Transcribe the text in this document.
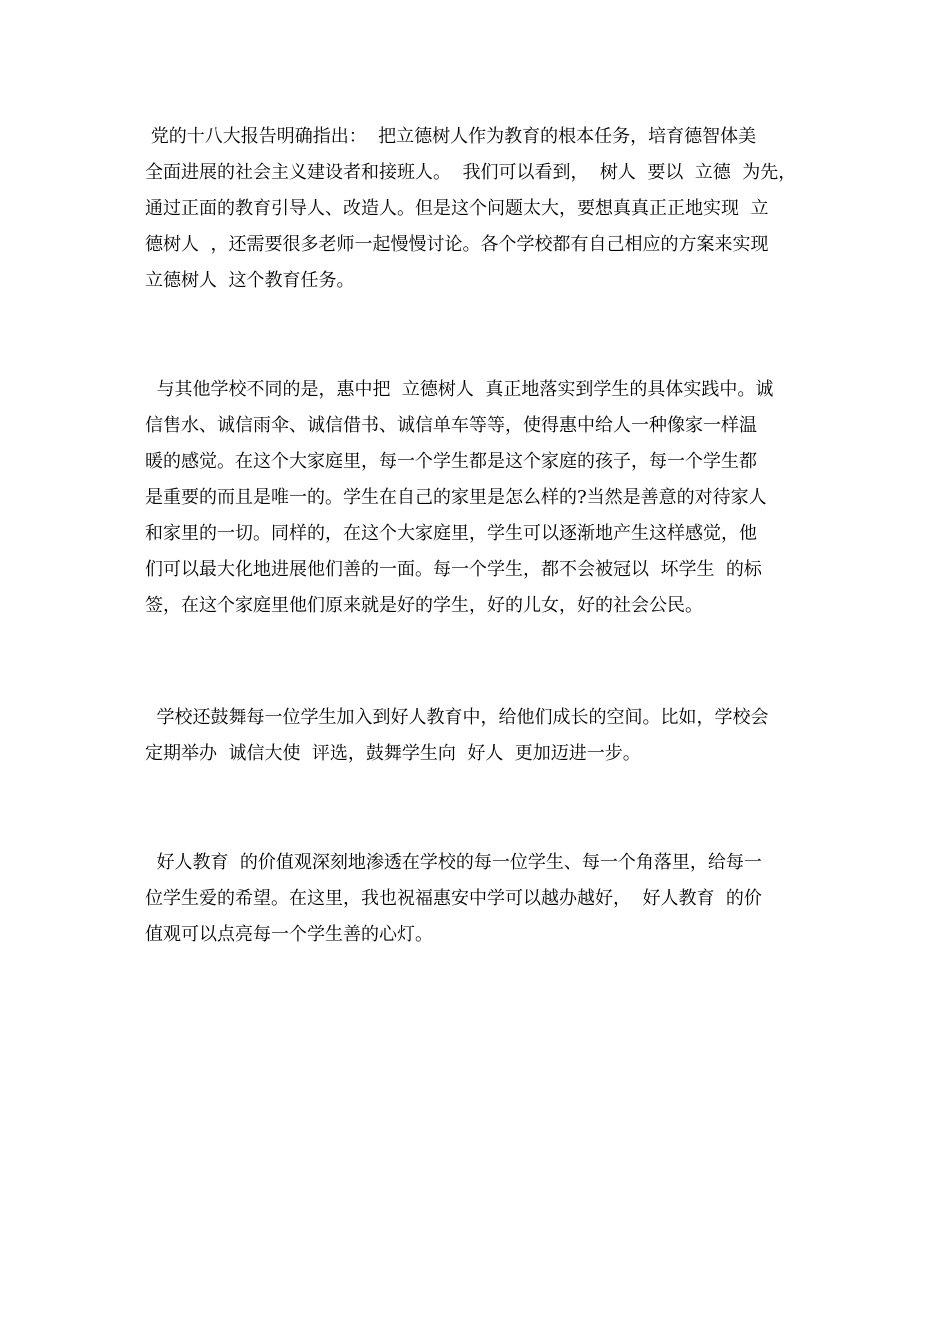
党的十八大报告明确指出：  把立德树人作为教育的根本任务，培育德智体美
全面进展的社会主义建设者和接班人。  我们可以看到，  树人  要以  立德  为先，
通过正面的教育引导人、改造人。但是这个问题太大，要想真真正正地实现  立
德树人  ，还需要很多老师一起慢慢讨论。各个学校都有自己相应的方案来实现
立德树人  这个教育任务。
与其他学校不同的是，惠中把  立德树人  真正地落实到学生的具体实践中。诚
信售水、诚信雨伞、诚信借书、诚信单车等等，使得惠中给人一种像家一样温
暖的感觉。在这个大家庭里，每一个学生都是这个家庭的孩子，每一个学生都
是重要的而且是唯一的。学生在自己的家里是怎么样的?当然是善意的对待家人
和家里的一切。同样的，在这个大家庭里，学生可以逐渐地产生这样感觉，他
们可以最大化地进展他们善的一面。每一个学生，都不会被冠以  坏学生  的标
签，在这个家庭里他们原来就是好的学生，好的儿女，好的社会公民。
学校还鼓舞每一位学生加入到好人教育中，给他们成长的空间。比如，学校会
定期举办  诚信大使  评选，鼓舞学生向  好人  更加迈进一步。
好人教育  的价值观深刻地渗透在学校的每一位学生、每一个角落里，给每一
位学生爱的希望。在这里，我也祝福惠安中学可以越办越好，  好人教育  的价
值观可以点亮每一个学生善的心灯。
